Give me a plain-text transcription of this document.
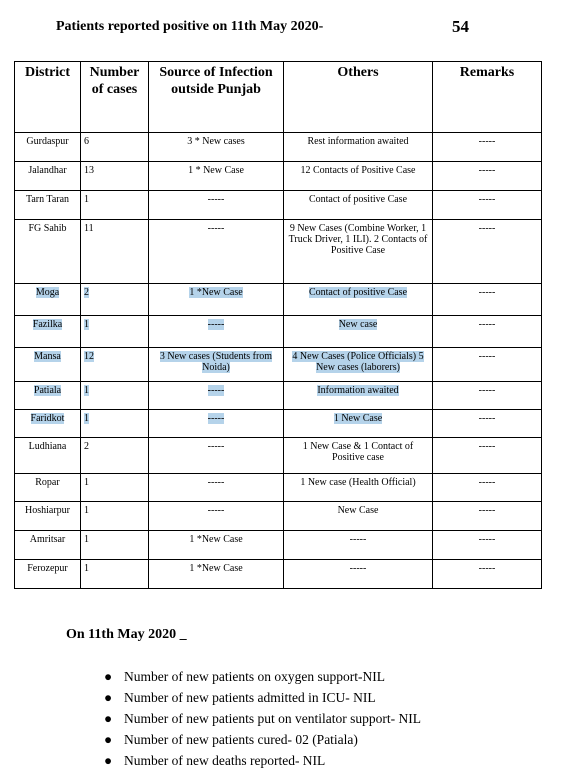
Patients reported positive on 11th May 2020-	54
District	Number of cases	Source of Infection outside Punjab	Others	Remarks
Gurdaspur	6	3 * New cases	Rest information awaited	-----
Jalandhar	13	1 * New Case	12 Contacts of Positive Case	-----
Tarn Taran	1	-----	Contact of positive Case	-----
FG Sahib	11	-----	9 New Cases (Combine Worker, 1 Truck Driver, 1 ILI). 2 Contacts of Positive Case	-----
Moga	2	1 *New Case	Contact of positive Case	-----
Fazilka	1	-----	New case	-----
Mansa	12	3 New cases (Students from Noida)	4 New Cases (Police Officials) 5 New cases (laborers)	-----
Patiala	1	-----	Information awaited	-----
Faridkot	1	-----	1 New Case	-----
Ludhiana	2	-----	1 New Case & 1 Contact of Positive case	-----
Ropar	1	-----	1 New case (Health Official)	-----
Hoshiarpur	1	-----	New Case	-----
Amritsar	1	1 *New Case	-----	-----
Ferozepur	1	1 *New Case	-----	-----
On 11th May 2020 _
● Number of new patients on oxygen support-NIL
● Number of new patients admitted in ICU- NIL
● Number of new patients put on ventilator support- NIL
● Number of new patients cured- 02 (Patiala)
● Number of new deaths reported- NIL
